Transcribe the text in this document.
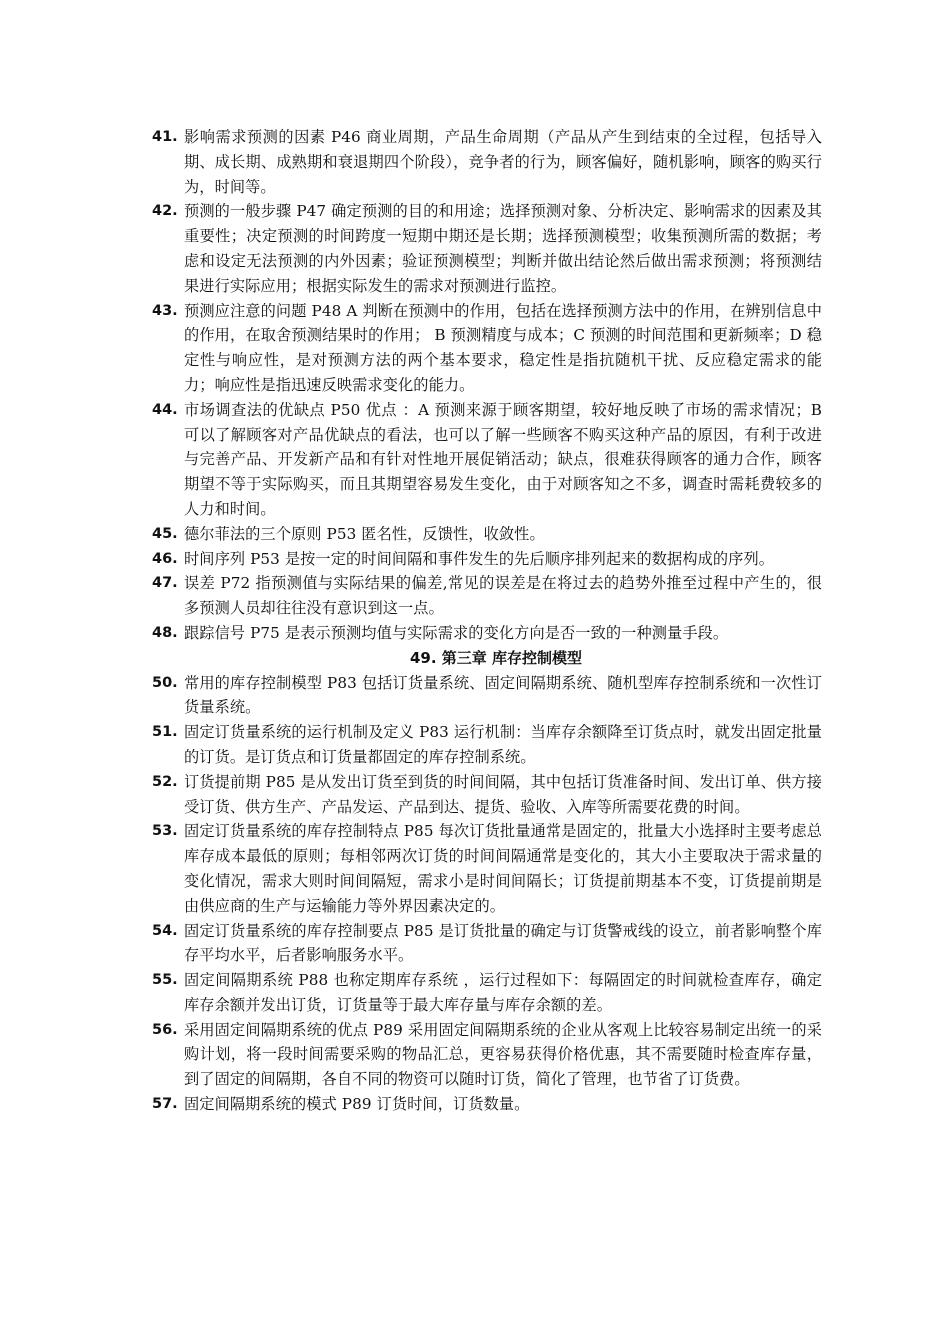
41. 影响需求预测的因素 P46 商业周期，产品生命周期（产品从产生到结束的全过程，包括导入期、成长期、成熟期和衰退期四个阶段），竞争者的行为，顾客偏好，随机影响，顾客的购买行为，时间等。
42. 预测的一般步骤 P47 确定预测的目的和用途；选择预测对象、分析决定、影响需求的因素及其重要性；决定预测的时间跨度一短期中期还是长期；选择预测模型；收集预测所需的数据；考虑和设定无法预测的内外因素；验证预测模型；判断并做出结论然后做出需求预测；将预测结果进行实际应用；根据实际发生的需求对预测进行监控。
43. 预测应注意的问题 P48 A 判断在预测中的作用，包括在选择预测方法中的作用，在辨别信息中的作用，在取舍预测结果时的作用； B 预测精度与成本；C 预测的时间范围和更新频率；D 稳定性与响应性，是对预测方法的两个基本要求，稳定性是指抗随机干扰、反应稳定需求的能力；响应性是指迅速反映需求变化的能力。
44. 市场调查法的优缺点 P50 优点 ：A 预测来源于顾客期望，较好地反映了市场的需求情况；B 可以了解顾客对产品优缺点的看法，也可以了解一些顾客不购买这种产品的原因，有利于改进与完善产品、开发新产品和有针对性地开展促销活动；缺点，很难获得顾客的通力合作，顾客期望不等于实际购买，而且其期望容易发生变化，由于对顾客知之不多，调查时需耗费较多的人力和时间。
45. 德尔菲法的三个原则 P53 匿名性，反馈性，收敛性。
46. 时间序列 P53 是按一定的时间间隔和事件发生的先后顺序排列起来的数据构成的序列。
47. 误差 P72 指预测值与实际结果的偏差,常见的误差是在将过去的趋势外推至过程中产生的，很多预测人员却往往没有意识到这一点。
48. 跟踪信号 P75 是表示预测均值与实际需求的变化方向是否一致的一种测量手段。
49. 第三章 库存控制模型
50. 常用的库存控制模型 P83 包括订货量系统、固定间隔期系统、随机型库存控制系统和一次性订货量系统。
51. 固定订货量系统的运行机制及定义 P83 运行机制：当库存余额降至订货点时，就发出固定批量的订货。是订货点和订货量都固定的库存控制系统。
52. 订货提前期 P85 是从发出订货至到货的时间间隔，其中包括订货准备时间、发出订单、供方接受订货、供方生产、产品发运、产品到达、提货、验收、入库等所需要花费的时间。
53. 固定订货量系统的库存控制特点 P85 每次订货批量通常是固定的，批量大小选择时主要考虑总库存成本最低的原则；每相邻两次订货的时间间隔通常是变化的，其大小主要取决于需求量的变化情况，需求大则时间间隔短，需求小是时间间隔长；订货提前期基本不变，订货提前期是由供应商的生产与运输能力等外界因素决定的。
54. 固定订货量系统的库存控制要点 P85 是订货批量的确定与订货警戒线的设立，前者影响整个库存平均水平，后者影响服务水平。
55. 固定间隔期系统 P88 也称定期库存系统 ，运行过程如下：每隔固定的时间就检查库存，确定库存余额并发出订货，订货量等于最大库存量与库存余额的差。
56. 采用固定间隔期系统的优点 P89 采用固定间隔期系统的企业从客观上比较容易制定出统一的采购计划，将一段时间需要采购的物品汇总，更容易获得价格优惠，其不需要随时检查库存量，到了固定的间隔期，各自不同的物资可以随时订货，简化了管理，也节省了订货费。
57. 固定间隔期系统的模式 P89 订货时间，订货数量。
